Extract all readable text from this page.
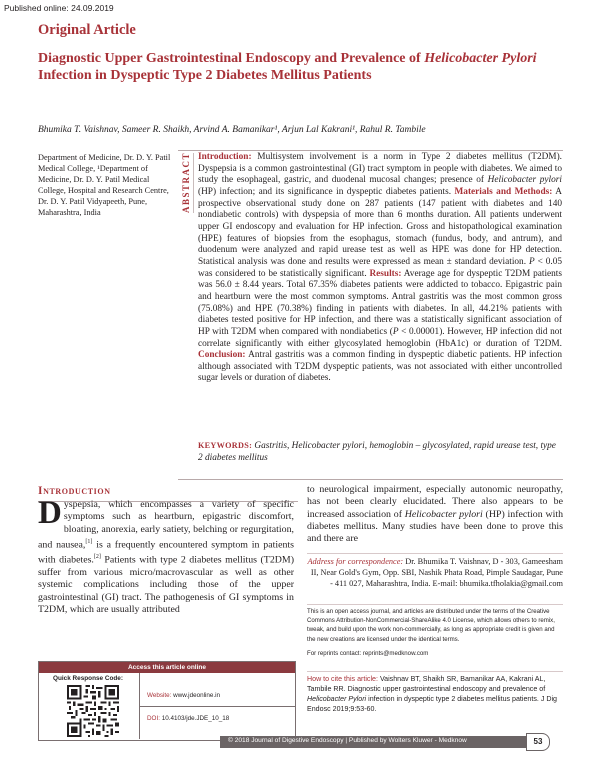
Published online: 24.09.2019
Original Article
Diagnostic Upper Gastrointestinal Endoscopy and Prevalence of Helicobacter Pylori Infection in Dyspeptic Type 2 Diabetes Mellitus Patients
Bhumika T. Vaishnav, Sameer R. Shaikh, Arvind A. Bamanikar¹, Arjun Lal Kakrani¹, Rahul R. Tambile
Department of Medicine, Dr. D. Y. Patil Medical College, ¹Department of Medicine, Dr. D. Y. Patil Medical College, Hospital and Research Centre, Dr. D. Y. Patil Vidyapeeth, Pune, Maharashtra, India	ABSTRACT Introduction: Multisystem involvement is a norm in Type 2 diabetes mellitus (T2DM). Dyspepsia is a common gastrointestinal (GI) tract symptom in people with diabetes. We aimed to study the esophageal, gastric, and duodenal mucosal changes; presence of Helicobacter pylori (HP) infection; and its significance in dyspeptic diabetes patients. Materials and Methods: A prospective observational study done on 287 patients (147 patient with diabetes and 140 nondiabetic controls) with dyspepsia of more than 6 months duration. All patients underwent upper GI endoscopy and evaluation for HP infection. Gross and histopathological examination (HPE) features of biopsies from the esophagus, stomach (fundus, body, and antrum), and duodenum were analyzed and rapid urease test as well as HPE was done for HP detection. Statistical analysis was done and results were expressed as mean ± standard deviation. P < 0.05 was considered to be statistically significant. Results: Average age for dyspeptic T2DM patients was 56.0 ± 8.44 years. Total 67.35% diabetes patients were addicted to tobacco. Epigastric pain and heartburn were the most common symptoms. Antral gastritis was the most common gross (75.08%) and HPE (70.38%) finding in patients with diabetes. In all, 44.21% patients with diabetes tested positive for HP infection, and there was a statistically significant association of HP with T2DM when compared with nondiabetics (P < 0.00001). However, HP infection did not correlate significantly with either glycosylated hemoglobin (HbA1c) or duration of T2DM. Conclusion: Antral gastritis was a common finding in dyspeptic diabetic patients. HP infection although associated with T2DM dyspeptic patients, was not associated with either uncontrolled sugar levels or duration of diabetes.
KEYWORDS: Gastritis, Helicobacter pylori, hemoglobin – glycosylated, rapid urease test, type 2 diabetes mellitus
Introduction
Dyspepsia, which encompasses a variety of specific symptoms such as heartburn, epigastric discomfort, bloating, anorexia, early satiety, belching or regurgitation, and nausea,[1] is a frequently encountered symptom in patients with diabetes.[2] Patients with type 2 diabetes mellitus (T2DM) suffer from various micro/macrovascular as well as other systemic complications including those of the upper gastrointestinal (GI) tract. The pathogenesis of GI symptoms in T2DM, which are usually attributed
to neurological impairment, especially autonomic neuropathy, has not been clearly elucidated. There also appears to be increased association of Helicobacter pylori (HP) infection with diabetes mellitus. Many studies have been done to prove this and there are
Address for correspondence: Dr. Bhumika T. Vaishnav, D - 303, Gameesham II, Near Gold's Gym, Opp. SBI, Nashik Phata Road, Pimple Saudagar, Pune - 411 027, Maharashtra, India. E-mail: bhumika.tfholakia@gmail.com
This is an open access journal, and articles are distributed under the terms of the Creative Commons Attribution-NonCommercial-ShareAlike 4.0 License, which allows others to remix, tweak, and build upon the work non-commercially, as long as appropriate credit is given and the new creations are licensed under the identical terms.
For reprints contact: reprints@medknow.com
How to cite this article: Vaishnav BT, Shaikh SR, Bamanikar AA, Kakrani AL, Tambile RR. Diagnostic upper gastrointestinal endoscopy and prevalence of Helicobacter Pylori infection in dyspeptic type 2 diabetes mellitus patients. J Dig Endosc 2019;9:53-60.
Access this article online
Quick Response Code:
Website: www.jdeonline.in
DOI: 10.4103/jde.JDE_10_18
© 2018 Journal of Digestive Endoscopy | Published by Wolters Kluwer - Medknow	53
